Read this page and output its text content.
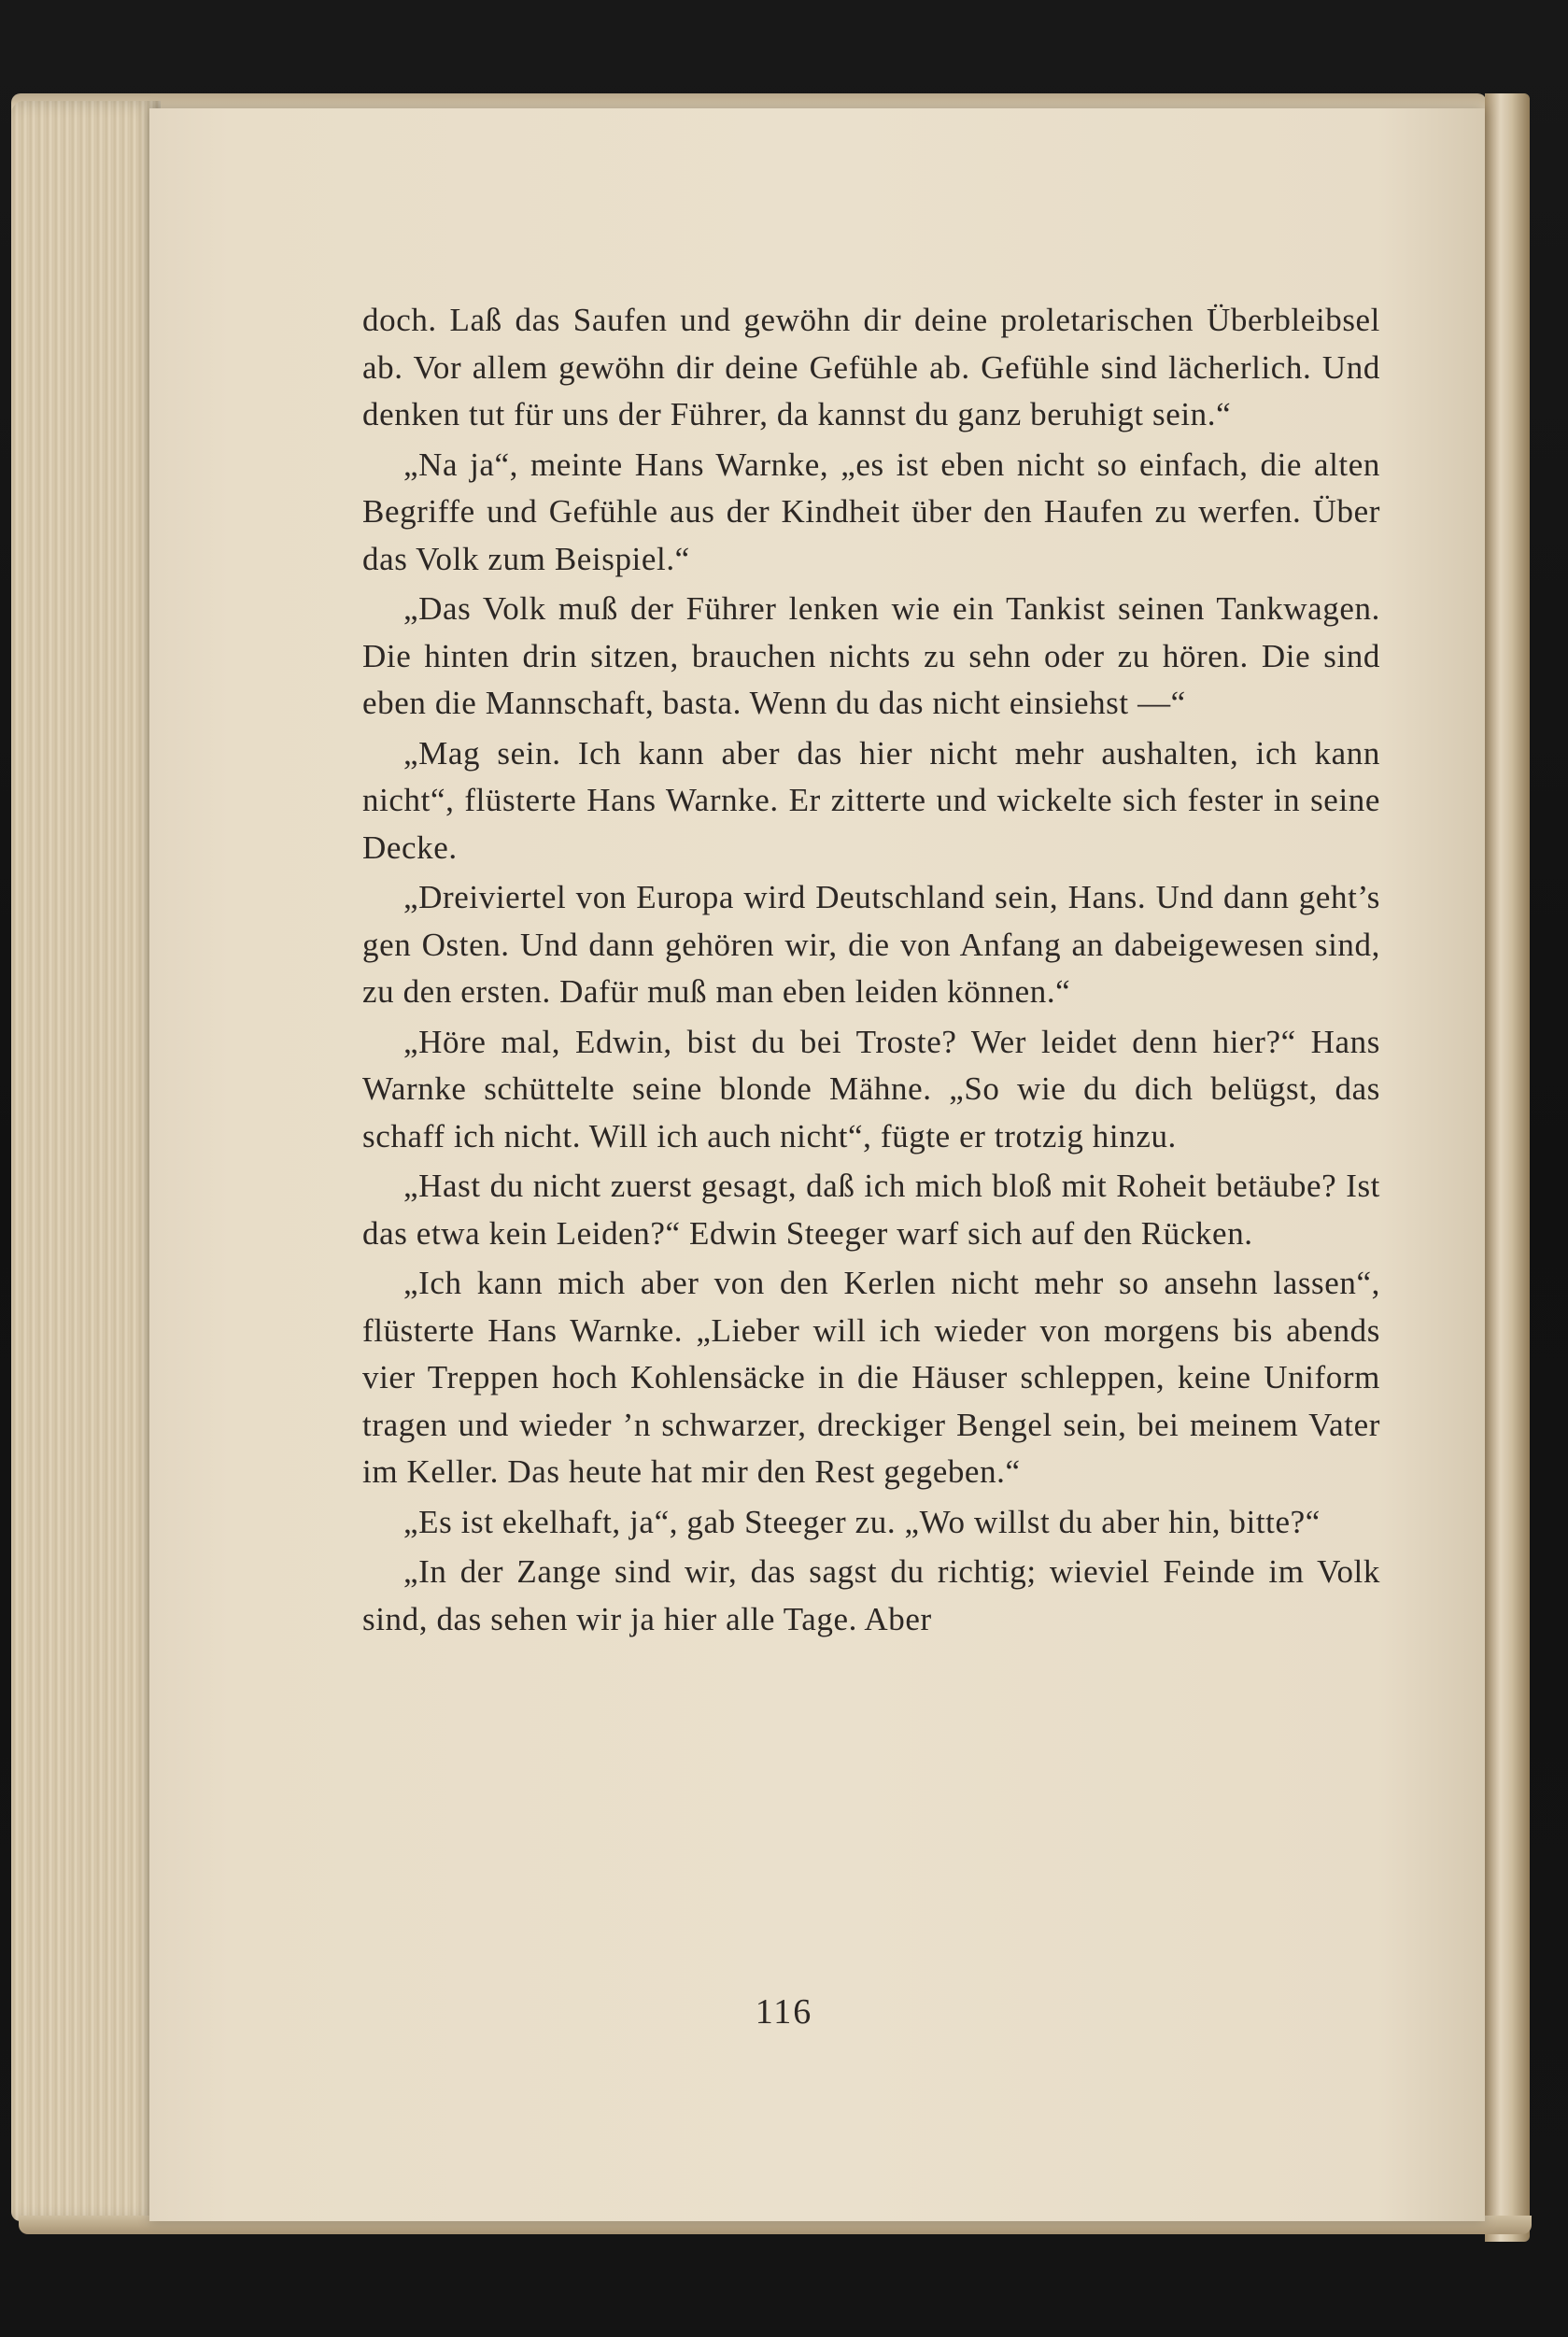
doch. Laß das Saufen und gewöhn dir deine proletarischen Überbleibsel ab. Vor allem gewöhn dir deine Gefühle ab. Gefühle sind lächerlich. Und denken tut für uns der Führer, da kannst du ganz beruhigt sein.“

„Na ja“, meinte Hans Warnke, „es ist eben nicht so einfach, die alten Begriffe und Gefühle aus der Kindheit über den Haufen zu werfen. Über das Volk zum Beispiel.“

„Das Volk muß der Führer lenken wie ein Tankist seinen Tankwagen. Die hinten drin sitzen, brauchen nichts zu sehn oder zu hören. Die sind eben die Mannschaft, basta. Wenn du das nicht einsiehst —“

„Mag sein. Ich kann aber das hier nicht mehr aushalten, ich kann nicht“, flüsterte Hans Warnke. Er zitterte und wickelte sich fester in seine Decke.

„Dreiviertel von Europa wird Deutschland sein, Hans. Und dann geht’s gen Osten. Und dann gehören wir, die von Anfang an dabeigewesen sind, zu den ersten. Dafür muß man eben leiden können.“

„Höre mal, Edwin, bist du bei Troste? Wer leidet denn hier?“ Hans Warnke schüttelte seine blonde Mähne. „So wie du dich belügst, das schaff ich nicht. Will ich auch nicht“, fügte er trotzig hinzu.

„Hast du nicht zuerst gesagt, daß ich mich bloß mit Roheit betäube? Ist das etwa kein Leiden?“ Edwin Steeger warf sich auf den Rücken.

„Ich kann mich aber von den Kerlen nicht mehr so ansehn lassen“, flüsterte Hans Warnke. „Lieber will ich wieder von morgens bis abends vier Treppen hoch Kohlensäcke in die Häuser schleppen, keine Uniform tragen und wieder ’n schwarzer, dreckiger Bengel sein, bei meinem Vater im Keller. Das heute hat mir den Rest gegeben.“

„Es ist ekelhaft, ja“, gab Steeger zu. „Wo willst du aber hin, bitte?“

„In der Zange sind wir, das sagst du richtig; wieviel Feinde im Volk sind, das sehen wir ja hier alle Tage. Aber

116
